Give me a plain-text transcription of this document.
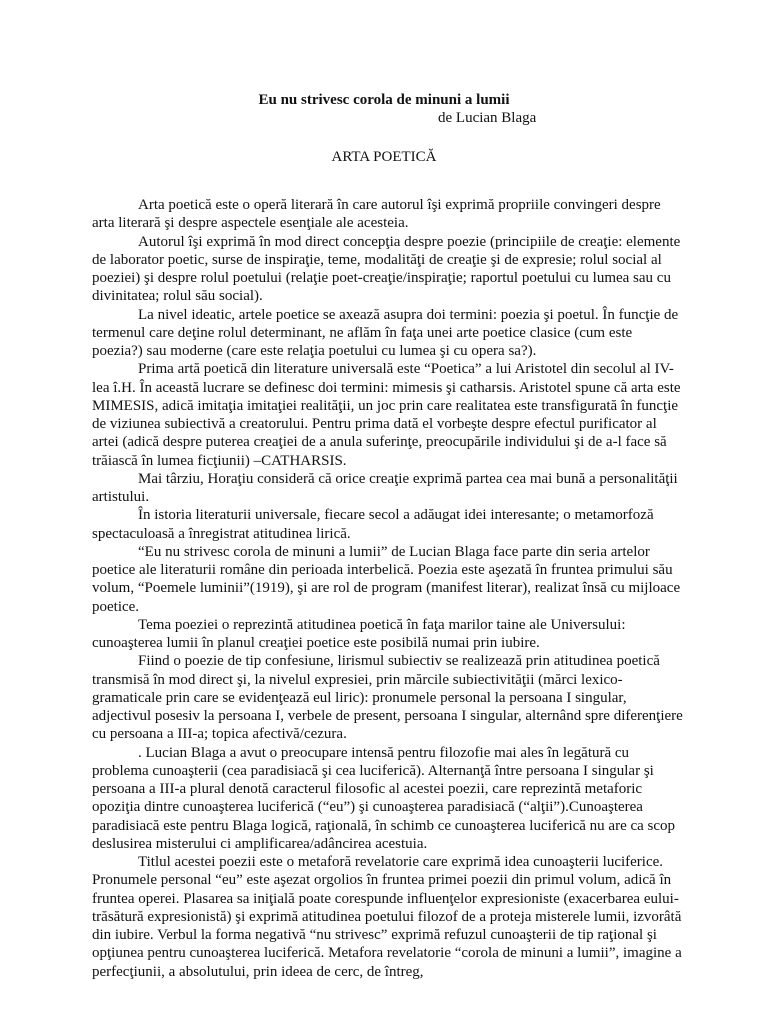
Eu nu strivesc corola de minuni a lumii
de Lucian Blaga
ARTA POETICĂ

Arta poetică este o operă literară în care autorul îşi exprimă propriile convingeri despre arta literară şi despre aspectele esenţiale ale acesteia.

Autorul îşi exprimă în mod direct concepţia despre poezie (principiile de creaţie: elemente de laborator poetic, surse de inspiraţie, teme, modalităţi de creaţie şi de expresie; rolul social al poeziei) şi despre rolul poetului (relaţie poet-creaţie/inspiraţie; raportul poetului cu lumea sau cu divinitatea; rolul său social).

La nivel ideatic, artele poetice se axează asupra doi termini: poezia şi poetul. În funcţie de termenul care deţine rolul determinant, ne aflăm în faţa unei arte poetice clasice (cum este poezia?) sau moderne (care este relaţia poetului cu lumea şi cu opera sa?).

Prima artă poetică din literature universală este “Poetica” a lui Aristotel din secolul al IV-lea î.H. În această lucrare se definesc doi termini: mimesis şi catharsis. Aristotel spune că arta este MIMESIS, adică imitaţia imitaţiei realităţii, un joc prin care realitatea este transfigurată în funcţie de viziunea subiectivă a creatorului. Pentru prima dată el vorbeşte despre efectul purificator al artei (adică despre puterea creaţiei de a anula suferinţe, preocupările individului şi de a-l face să trăiască în lumea ficţiunii) –CATHARSIS.

Mai târziu, Horaţiu consideră că orice creaţie exprimă partea cea mai bună a personalităţii artistului.

În istoria literaturii universale, fiecare secol a adăugat idei interesante; o metamorfoză spectaculoasă a înregistrat atitudinea lirică.

“Eu nu strivesc corola de minuni a lumii” de Lucian Blaga face parte din seria artelor poetice ale literaturii române din perioada interbelică. Poezia este aşezată în fruntea primului său volum, “Poemele luminii”(1919), şi are rol de program (manifest literar), realizat însă cu mijloace poetice.

Tema poeziei o reprezintă atitudinea poetică în faţa marilor taine ale Universului: cunoaşterea lumii în planul creaţiei poetice este posibilă numai prin iubire.

Fiind o poezie de tip confesiune, lirismul subiectiv se realizează prin atitudinea poetică transmisă în mod direct şi, la nivelul expresiei, prin mărcile subiectivităţii (mărci lexico-gramaticale prin care se evidenţează eul liric): pronumele personal la persoana I singular, adjectivul posesiv la persoana I, verbele de present, persoana I singular, alternând spre diferenţiere cu persoana a III-a; topica afectivă/cezura.

. Lucian Blaga a avut o preocupare intensă pentru filozofie mai ales în legătură cu problema cunoaşterii (cea paradisiacă şi cea luciferică). Alternanţă între persoana I singular şi persoana a III-a plural denotă caracterul filosofic al acestei poezii, care reprezintă metaforic opoziţia dintre cunoaşterea luciferică (“eu”) şi cunoaşterea paradisiacă (“alţii”).Cunoaşterea paradisiacă este pentru Blaga logică, raţională, în schimb ce cunoaşterea luciferică nu are ca scop deslusirea misterului ci amplificarea/adâncirea acestuia.

Titlul acestei poezii este o metaforă revelatorie care exprimă idea cunoaşterii luciferice. Pronumele personal “eu” este aşezat orgolios în fruntea primei poezii din primul volum, adică în fruntea operei. Plasarea sa iniţială poate corespunde influenţelor expresioniste (exacerbarea eului- trăsătură expresionistă) şi exprimă atitudinea poetului filozof de a proteja misterele lumii, izvorâtă din iubire. Verbul la forma negativă “nu strivesc” exprimă refuzul cunoaşterii de tip raţional şi opţiunea pentru cunoaşterea luciferică. Metafora revelatorie “corola de minuni a lumii”, imagine a perfecţiunii, a absolutului, prin ideea de cerc, de întreg,
